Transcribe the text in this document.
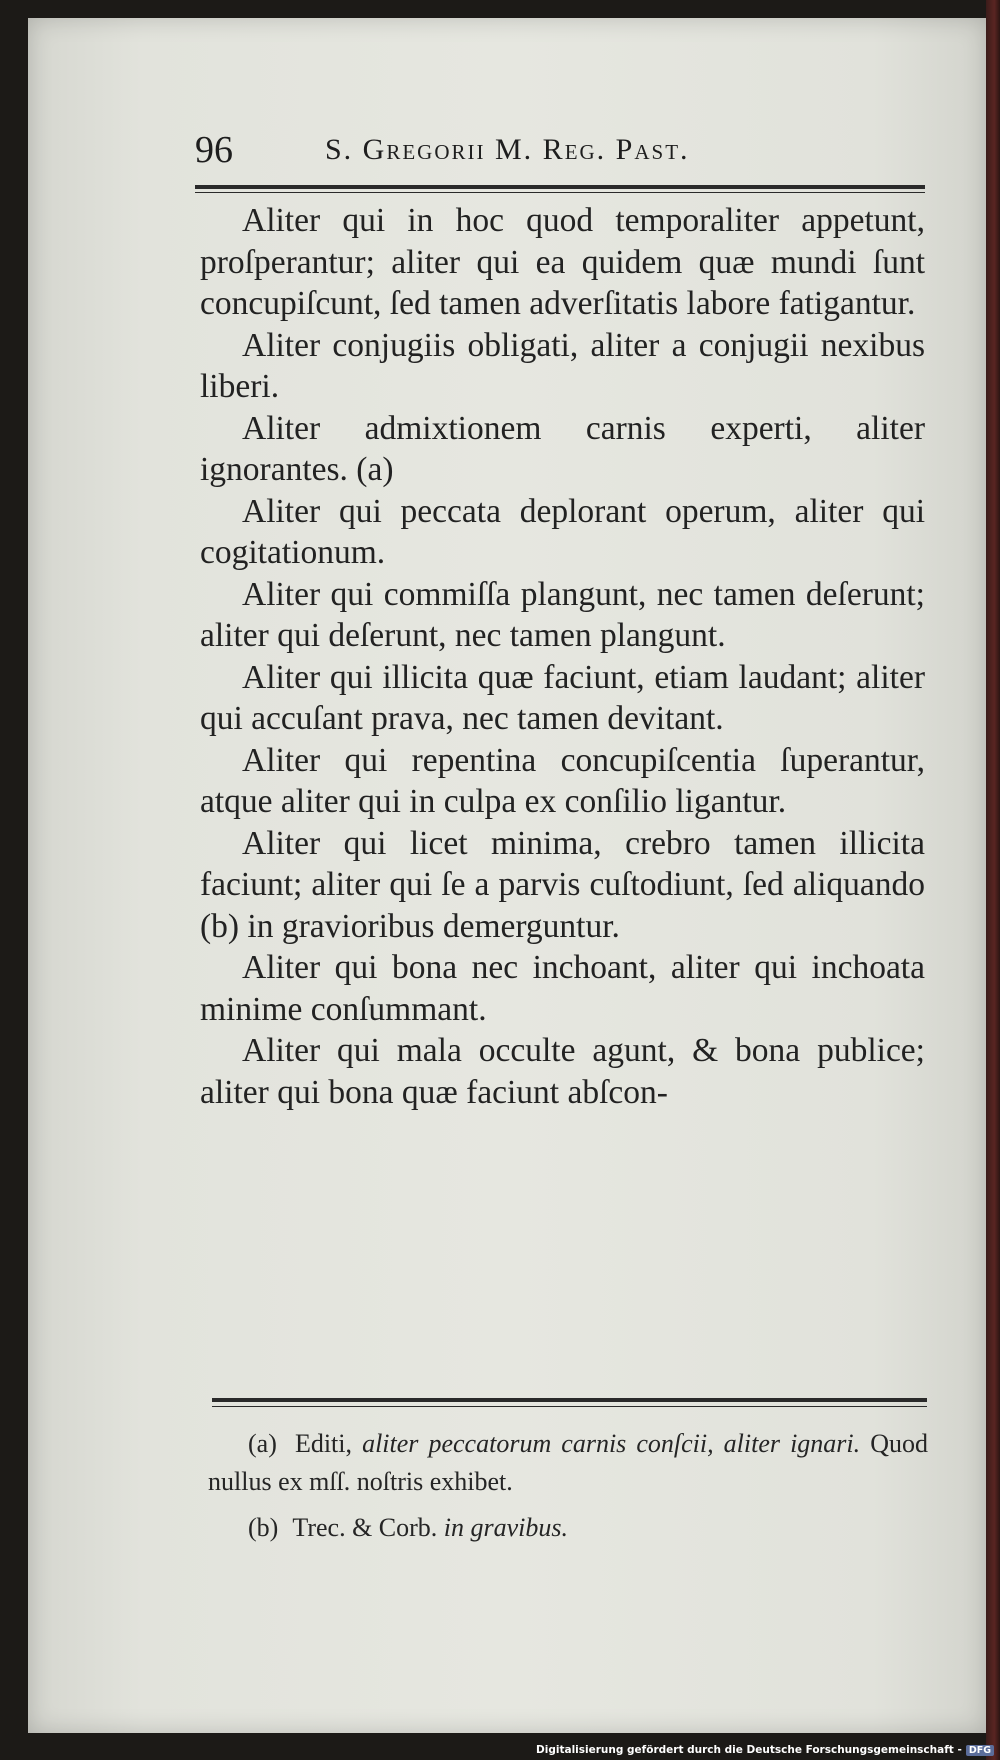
96	S. Gregorii M. Reg. Past.

Aliter qui in hoc quod temporaliter appetunt, proſperantur; aliter qui ea quidem quæ mundi ſunt concupiſcunt, ſed tamen adverſitatis labore fatigantur.

Aliter conjugiis obligati, aliter a conjugii nexibus liberi.

Aliter admixtionem carnis experti, aliter ignorantes. (a)

Aliter qui peccata deplorant operum, aliter qui cogitationum.

Aliter qui commiſſa plangunt, nec tamen deſerunt; aliter qui deſerunt, nec tamen plangunt.

Aliter qui illicita quæ faciunt, etiam laudant; aliter qui accuſant prava, nec tamen devitant.

Aliter qui repentina concupiſcentia ſuperantur, atque aliter qui in culpa ex conſilio ligantur.

Aliter qui licet minima, crebro tamen illicita faciunt; aliter qui ſe a parvis cuſtodiunt, ſed aliquando (b) in gravioribus demerguntur.

Aliter qui bona nec inchoant, aliter qui inchoata minime conſummant.

Aliter qui mala occulte agunt, & bona publice; aliter qui bona quæ faciunt abſcon-

(a) Editi, aliter peccatorum carnis conſcii, aliter ignari. Quod nullus ex mſſ. noſtris exhibet.

(b) Trec. & Corb. in gravibus.

Digitalisierung gefördert durch die Deutsche Forschungsgemeinschaft - DFG
